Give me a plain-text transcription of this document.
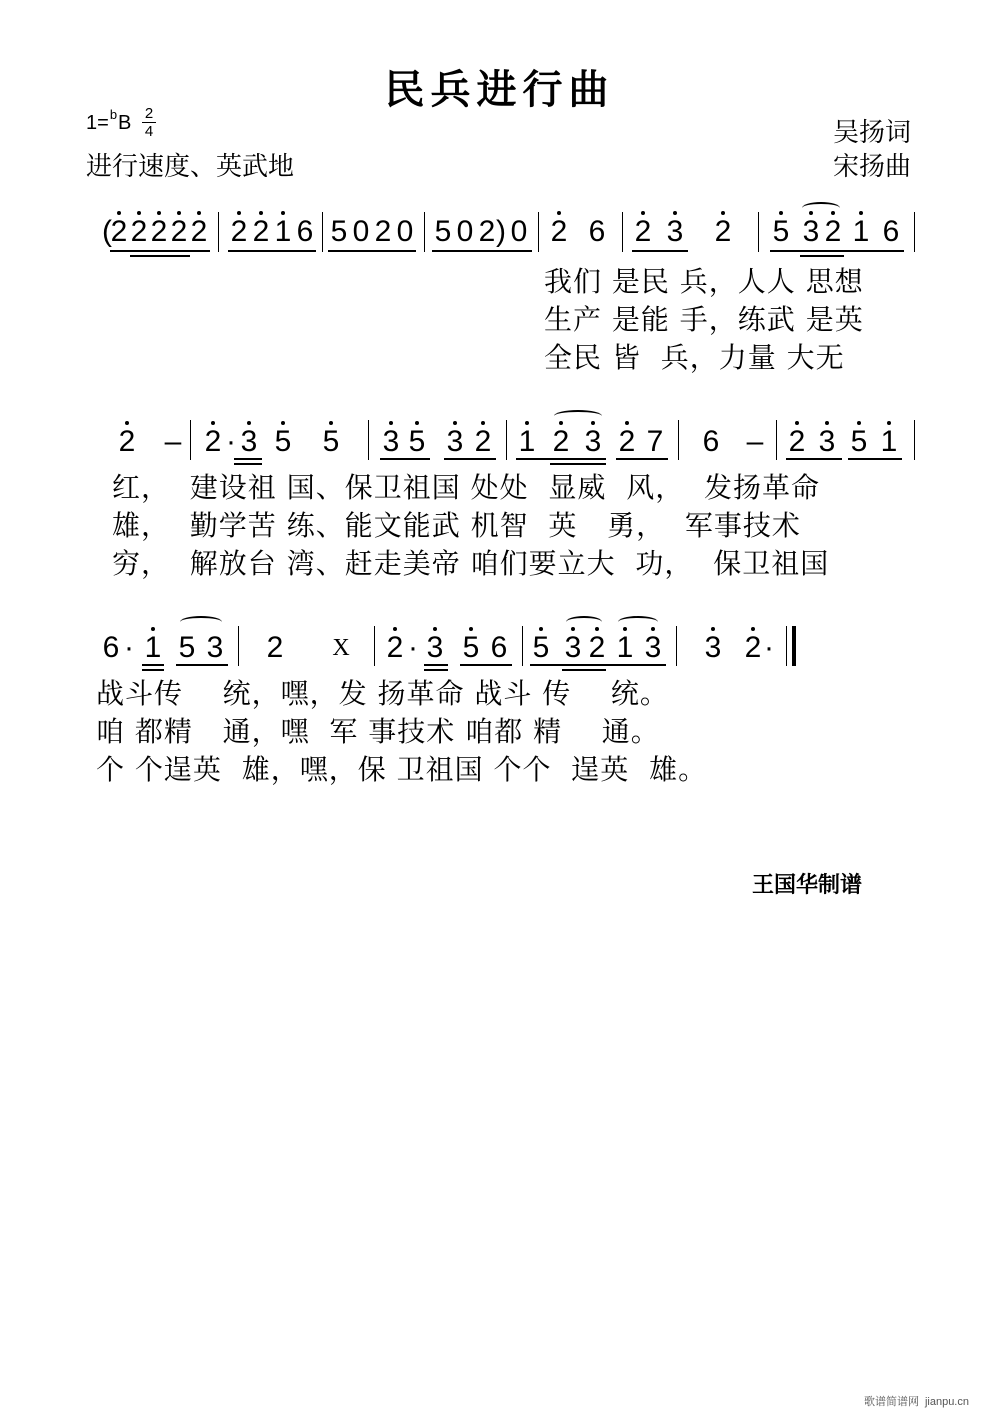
民兵进行曲
1=$^b$B 2
4
进行速度、英武地
吴扬词
宋扬曲
(
2 2 2 2 2 2 2 1 6 5 0 2 0 5 0 2 ) 0 2 6 2 3 2 5 3 2 1 6
我们 是民 兵，人人 思想
生产 是能 手，练武 是英
全民 皆  兵，力量 大无
2 – 2 · 3 5 5 3 5 3 2 1 2 3 2 7 6 – 2 3 5 1
红，  建设祖 国、保卫祖国 处处  显威  风，  发扬革命
雄，  勤学苦 练、能文能武 机智  英   勇，  军事技术
穷，  解放台 湾、赶走美帝 咱们要立大  功，  保卫祖国
6 · 1 5 3 2 X 2 · 3 5 6 5 3 2 1 3 3 2 ·
战斗传    统，嘿，发 扬革命 战斗 传    统。
咱 都精   通，嘿  军 事技术 咱都 精    通。
个 个逞英  雄，嘿，保 卫祖国 个个  逞英  雄。
王国华制谱
歌谱简谱网 jianpu.cn
